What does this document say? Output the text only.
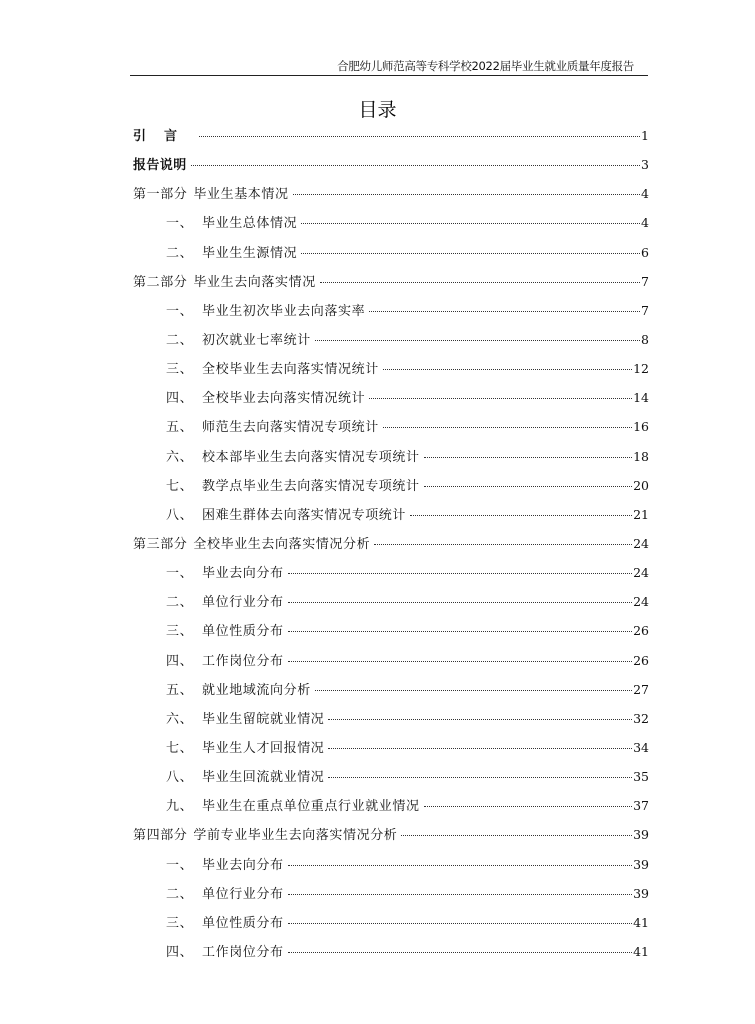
合肥幼儿师范高等专科学校2022届毕业生就业质量年度报告
目录
引言	1
报告说明	3
第一部分 毕业生基本情况	4
一、 毕业生总体情况	4
二、 毕业生生源情况	6
第二部分 毕业生去向落实情况	7
一、 毕业生初次毕业去向落实率	7
二、 初次就业七率统计	8
三、 全校毕业生去向落实情况统计	12
四、 全校毕业去向落实情况统计	14
五、 师范生去向落实情况专项统计	16
六、 校本部毕业生去向落实情况专项统计	18
七、 教学点毕业生去向落实情况专项统计	20
八、 困难生群体去向落实情况专项统计	21
第三部分 全校毕业生去向落实情况分析	24
一、 毕业去向分布	24
二、 单位行业分布	24
三、 单位性质分布	26
四、 工作岗位分布	26
五、 就业地域流向分析	27
六、 毕业生留皖就业情况	32
七、 毕业生人才回报情况	34
八、 毕业生回流就业情况	35
九、 毕业生在重点单位重点行业就业情况	37
第四部分 学前专业毕业生去向落实情况分析	39
一、 毕业去向分布	39
二、 单位行业分布	39
三、 单位性质分布	41
四、 工作岗位分布	41
